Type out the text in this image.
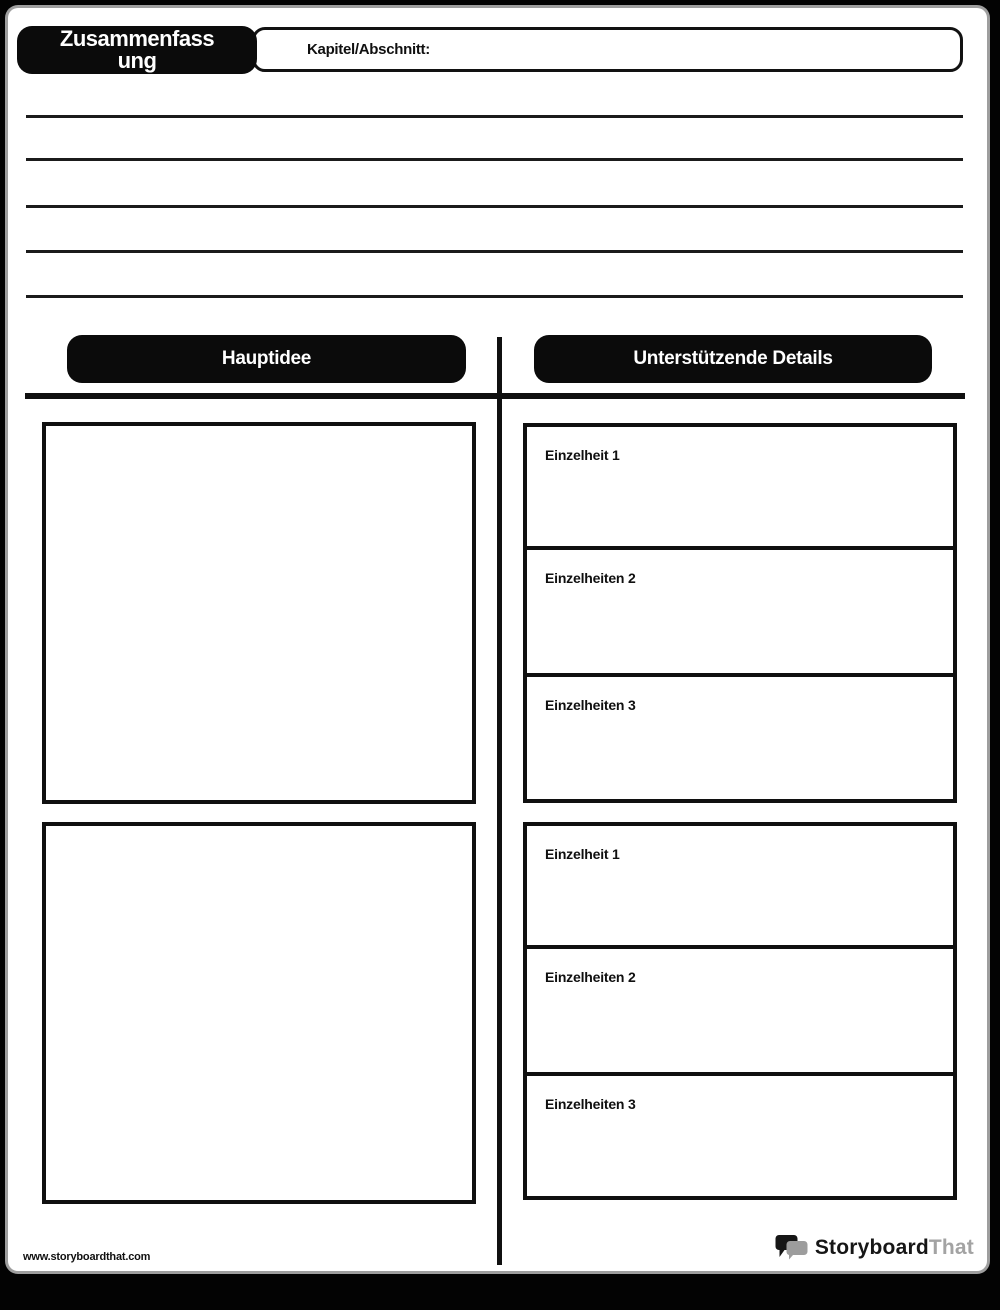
Zusammenfass
ung	Kapitel/Abschnitt:
Hauptidee	Unterstützende Details
Einzelheit 1
Einzelheiten 2
Einzelheiten 3
Einzelheit 1
Einzelheiten 2
Einzelheiten 3
www.storyboardthat.com	StoryboardThat
